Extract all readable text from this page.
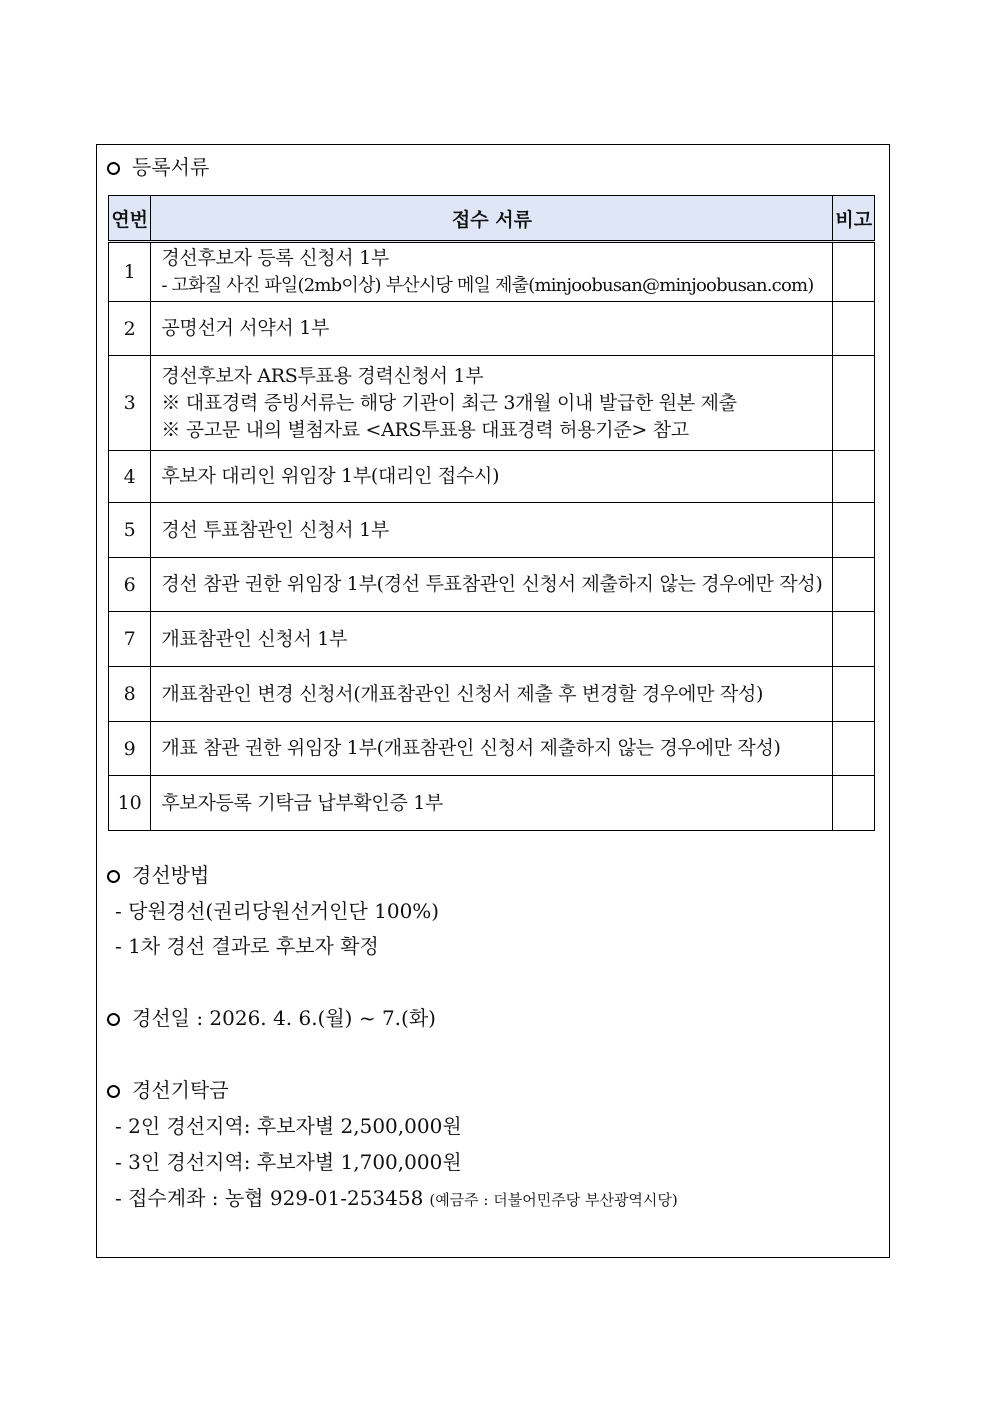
등록서류
연번	접수 서류	비고
1	경선후보자 등록 신청서 1부
- 고화질 사진 파일(2mb이상) 부산시당 메일 제출(minjoobusan@minjoobusan.com)	

2	공명선거 서약서 1부	

3	경선후보자 ARS투표용 경력신청서 1부
※ 대표경력 증빙서류는 해당 기관이 최근 3개월 이내 발급한 원본 제출
※ 공고문 내의 별첨자료 <ARS투표용 대표경력 허용기준> 참고	

4	후보자 대리인 위임장 1부(대리인 접수시)	

5	경선 투표참관인 신청서 1부	

6	경선 참관 권한 위임장 1부(경선 투표참관인 신청서 제출하지 않는 경우에만 작성)	

7	개표참관인 신청서 1부	

8	개표참관인 변경 신청서(개표참관인 신청서 제출 후 변경할 경우에만 작성)	

9	개표 참관 권한 위임장 1부(개표참관인 신청서 제출하지 않는 경우에만 작성)	

10	후보자등록 기탁금 납부확인증 1부	

경선방법
- 당원경선(권리당원선거인단 100%)
- 1차 경선 결과로 후보자 확정
경선일 : 2026. 4. 6.(월) ~ 7.(화)
경선기탁금
- 2인 경선지역: 후보자별 2,500,000원
- 3인 경선지역: 후보자별 1,700,000원
- 접수계좌 : 농협 929-01-253458 (예금주 : 더불어민주당 부산광역시당)
